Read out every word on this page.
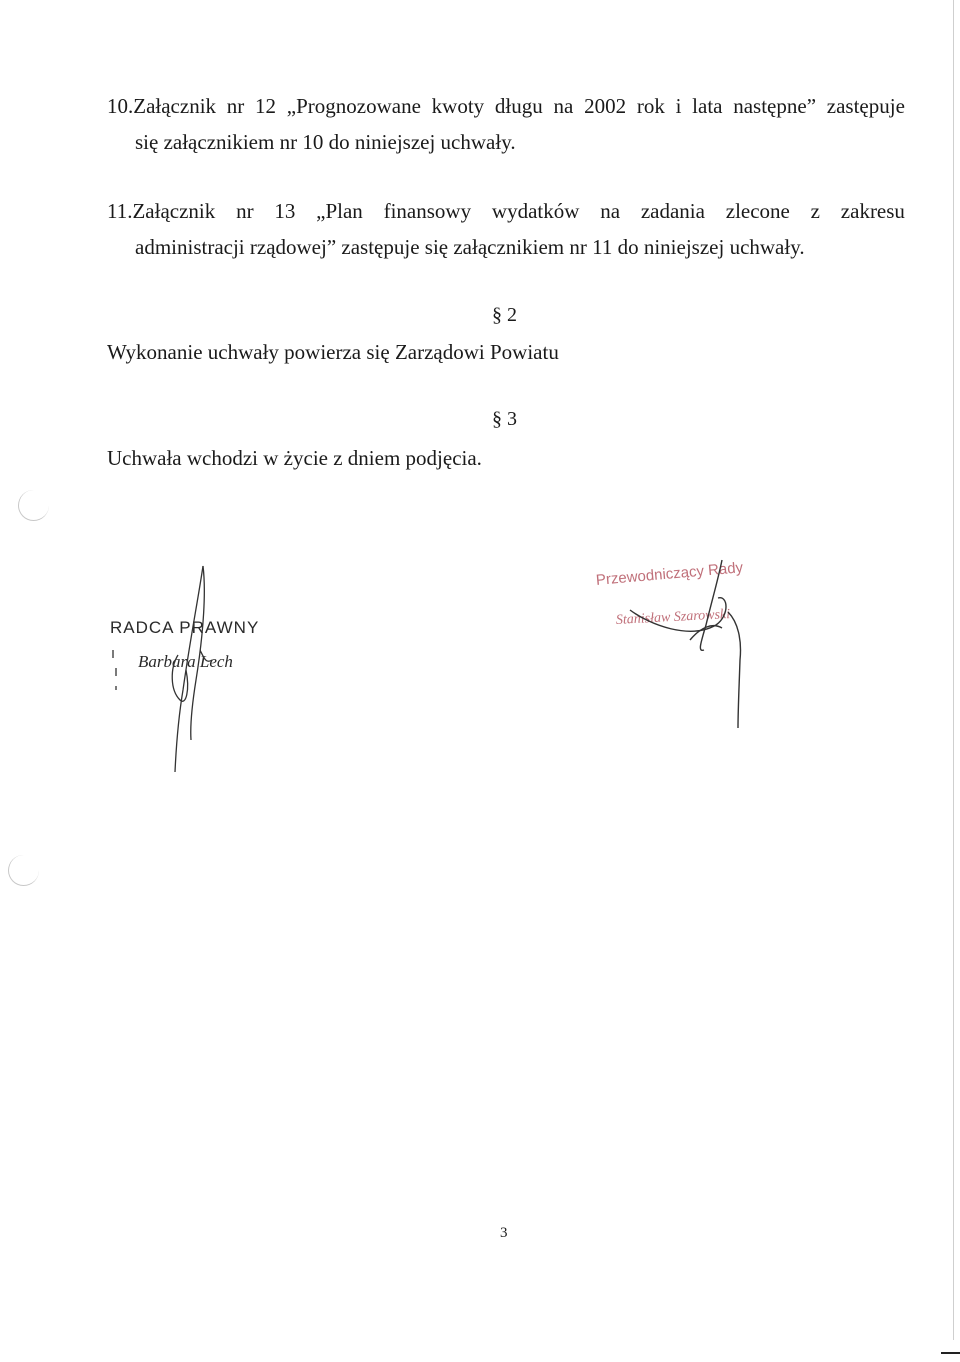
10.Załącznik nr 12 „Prognozowane kwoty długu na 2002 rok i lata następne” zastępuje
się załącznikiem nr 10 do niniejszej uchwały.
11.Załącznik nr 13 „Plan finansowy wydatków na zadania zlecone z zakresu
administracji rządowej” zastępuje się załącznikiem nr 11 do niniejszej uchwały.
§ 2
Wykonanie uchwały powierza się Zarządowi Powiatu
§ 3
Uchwała wchodzi w życie z dniem podjęcia.
RADCA PRAWNY
Barbara Lech
Przewodniczący Rady
Stanisław Szarowski
3
